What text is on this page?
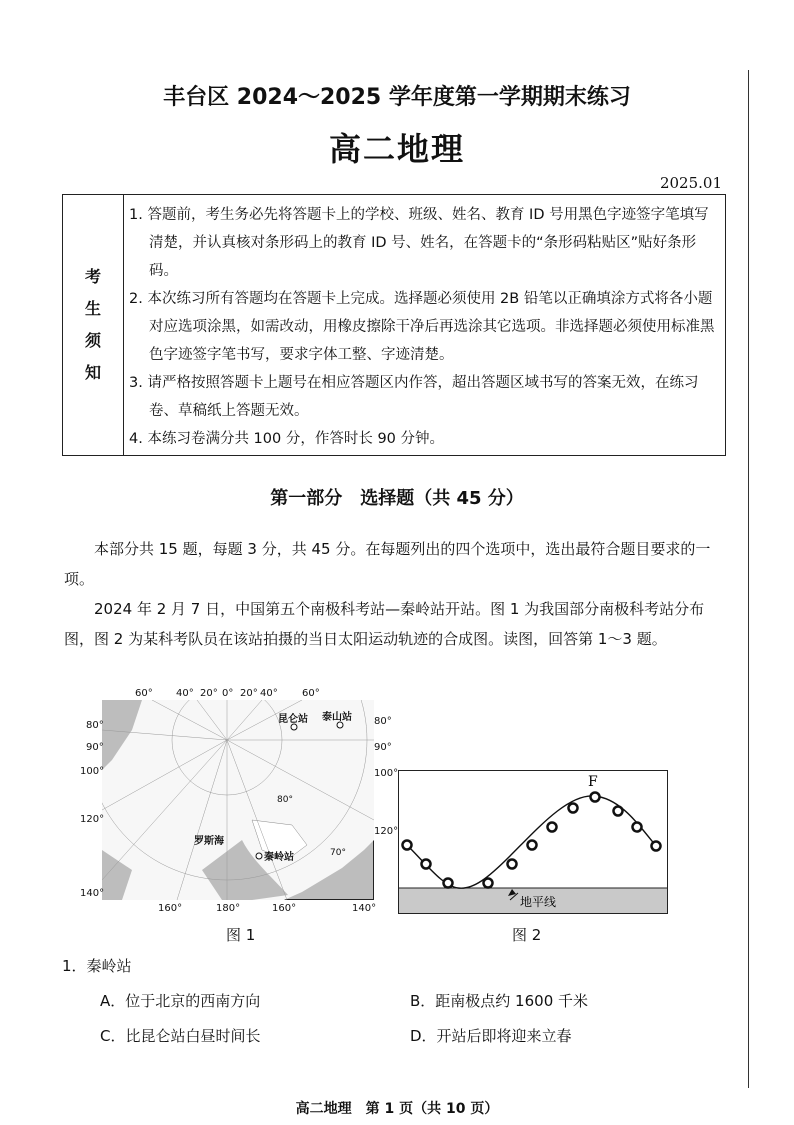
丰台区 2024～2025 学年度第一学期期末练习
高二地理
2025.01
考
生
须
知
1. 答题前，考生务必先将答题卡上的学校、班级、姓名、教育 ID 号用黑色字迹签字笔填写清楚，并认真核对条形码上的教育 ID 号、姓名，在答题卡的“条形码粘贴区”贴好条形码。
2. 本次练习所有答题均在答题卡上完成。选择题必须使用 2B 铅笔以正确填涂方式将各小题对应选项涂黑，如需改动，用橡皮擦除干净后再选涂其它选项。非选择题必须使用标准黑色字迹签字笔书写，要求字体工整、字迹清楚。
3. 请严格按照答题卡上题号在相应答题区内作答，超出答题区域书写的答案无效，在练习卷、草稿纸上答题无效。
4. 本练习卷满分共 100 分，作答时长 90 分钟。
第一部分　选择题（共 45 分）
本部分共 15 题，每题 3 分，共 45 分。在每题列出的四个选项中，选出最符合题目要求的一项。
2024 年 2 月 7 日，中国第五个南极科考站—秦岭站开站。图 1 为我国部分南极科考站分布图，图 2 为某科考队员在该站拍摄的当日太阳运动轨迹的合成图。读图，回答第 1～3 题。
昆仑站 泰山站
秦岭站
罗斯海
80°
70°
60° 40° 20° 0° 20° 40° 60°
80°
90°
100°
120°
140°
80°
90°
100°
120°
140°
160°	180°	160°
F
地平线
图 1	图 2
1．秦岭站
A．位于北京的西南方向	B．距南极点约 1600 千米
C．比昆仑站白昼时间长	D．开站后即将迎来立春
高二地理　第 1 页（共 10 页）
